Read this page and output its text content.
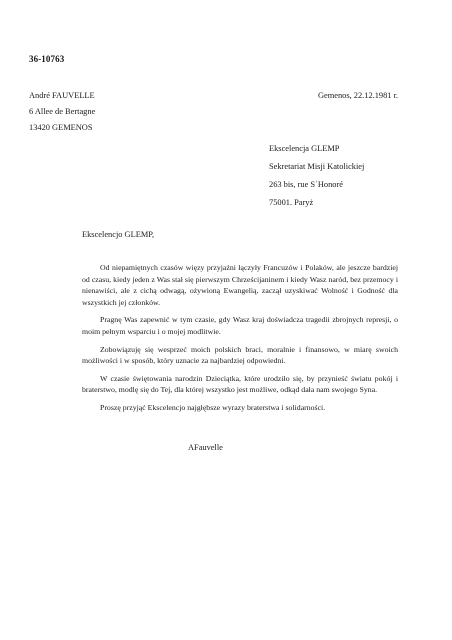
36-10763
André FAUVELLE
6 Allee de Bertagne
13420 GEMENOS
Gemenos, 22.12.1981 r.
Ekscelencja GLEMP
Sekretariat Misji Katolickiej
263 bis, rue SʾHonoré
75001. Paryż
Ekscelencjo GLEMP,

Od niepamiętnych czasów więzy przyjaźni łączyły Francuzów i Polaków, ale jeszcze bardziej od czasu, kiedy jeden z Was stał się pierwszym Chrześcijaninem i kiedy Wasz naród, bez przemocy i nienawiści, ale z cichą odwagą, ożywioną Ewangelią, zaczął uzyskiwać Wolność i Godność dla wszystkich jej członków.

Pragnę Was zapewnić w tym czasie, gdy Wasz kraj doświadcza tragedii zbrojnych represji, o moim pełnym wsparciu i o mojej modlitwie.

Zobowiązuję się wesprzeć moich polskich braci, moralnie i finansowo, w miarę swoich możliwości i w sposób, który uznacie za najbardziej odpowiedni.

W czasie świętowania narodzin Dzieciątka, które urodziło się, by przynieść światu pokój i braterstwo, modlę się do Tej, dla której wszystko jest możliwe, odkąd dała nam swojego Syna.

Proszę przyjąć Ekscelencjo najgłębsze wyrazy braterstwa i solidarności.

AFauvelle
